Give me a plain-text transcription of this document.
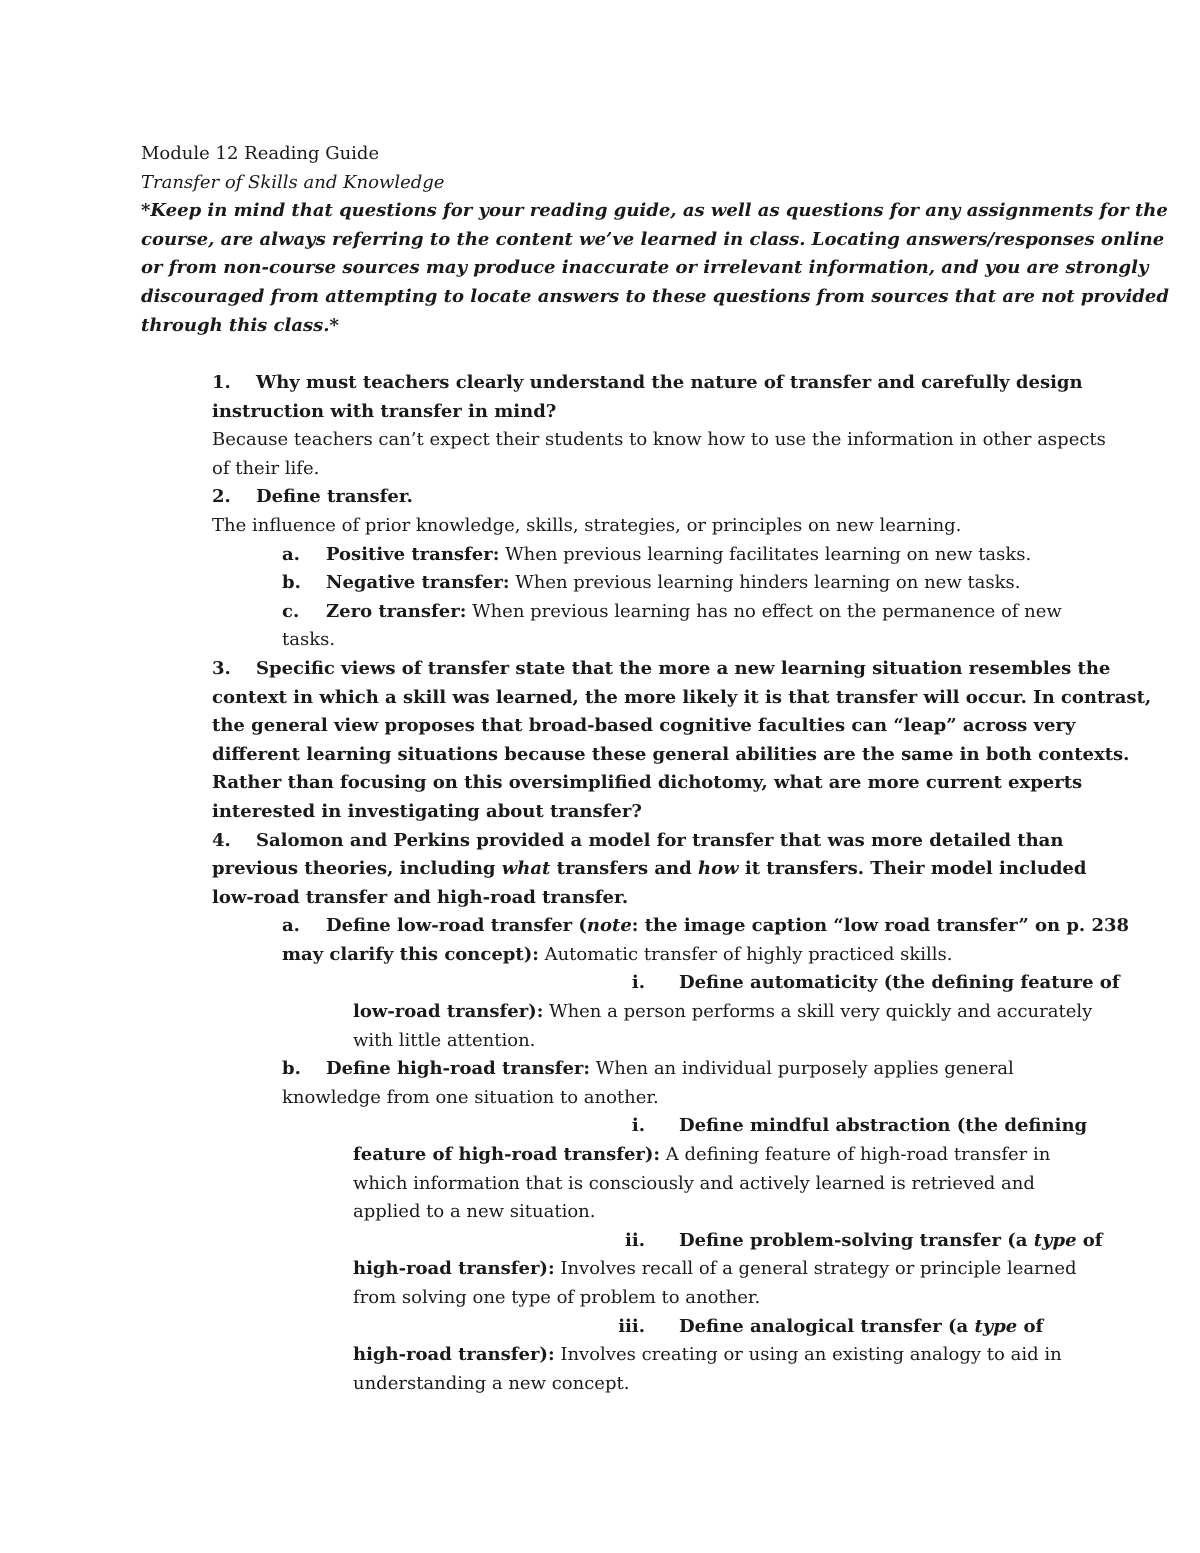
Module 12 Reading Guide
Transfer of Skills and Knowledge
*Keep in mind that questions for your reading guide, as well as questions for any assignments for the
course, are always referring to the content we’ve learned in class. Locating answers/responses online
or from non-course sources may produce inaccurate or irrelevant information, and you are strongly
discouraged from attempting to locate answers to these questions from sources that are not provided
through this class.*
1. Why must teachers clearly understand the nature of transfer and carefully design
instruction with transfer in mind?
Because teachers can’t expect their students to know how to use the information in other aspects
of their life.
2. Define transfer.
The influence of prior knowledge, skills, strategies, or principles on new learning.
a. Positive transfer: When previous learning facilitates learning on new tasks.
b. Negative transfer: When previous learning hinders learning on new tasks.
c. Zero transfer: When previous learning has no effect on the permanence of new
tasks.
3. Specific views of transfer state that the more a new learning situation resembles the
context in which a skill was learned, the more likely it is that transfer will occur. In contrast,
the general view proposes that broad-based cognitive faculties can “leap” across very
different learning situations because these general abilities are the same in both contexts.
Rather than focusing on this oversimplified dichotomy, what are more current experts
interested in investigating about transfer?
4. Salomon and Perkins provided a model for transfer that was more detailed than
previous theories, including what transfers and how it transfers. Their model included
low-road transfer and high-road transfer.
a. Define low-road transfer (note: the image caption “low road transfer” on p. 238
may clarify this concept): Automatic transfer of highly practiced skills.
i. Define automaticity (the defining feature of
low-road transfer): When a person performs a skill very quickly and accurately
with little attention.
b. Define high-road transfer: When an individual purposely applies general
knowledge from one situation to another.
i. Define mindful abstraction (the defining
feature of high-road transfer): A defining feature of high-road transfer in
which information that is consciously and actively learned is retrieved and
applied to a new situation.
ii. Define problem-solving transfer (a type of
high-road transfer): Involves recall of a general strategy or principle learned
from solving one type of problem to another.
iii. Define analogical transfer (a type of
high-road transfer): Involves creating or using an existing analogy to aid in
understanding a new concept.
